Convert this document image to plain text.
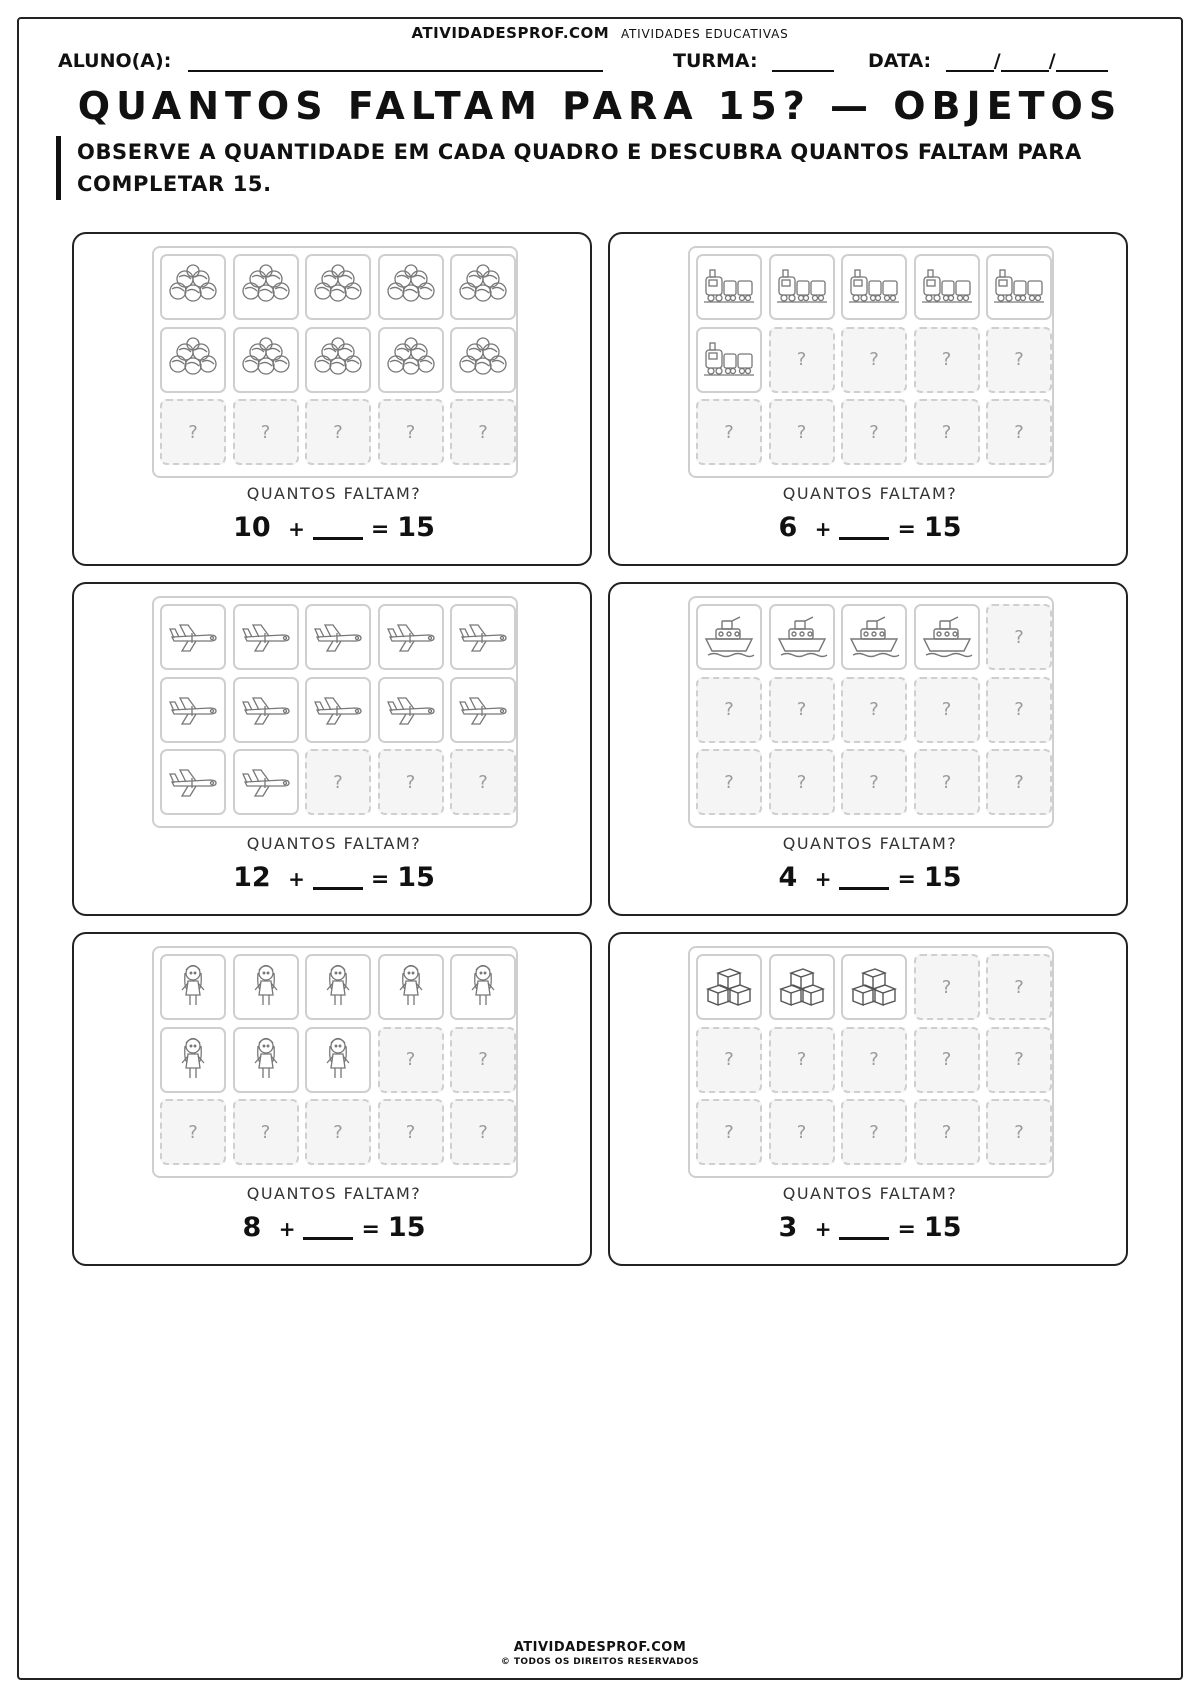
ATIVIDADESPROF.COM ATIVIDADES EDUCATIVAS
ALUNO(A):	TURMA:	DATA:	/	/
QUANTOS FALTAM PARA 15? — OBJETOS
OBSERVE A QUANTIDADE EM CADA QUADRO E DESCUBRA QUANTOS FALTAM PARA COMPLETAR 15.
?	?	?	?	?
QUANTOS FALTAM?
10 +	= 15
?	?	?	?
?	?	?	?	?
QUANTOS FALTAM?
6 +	= 15
?	?	?
QUANTOS FALTAM?
12 +	= 15
?
?	?	?	?	?
?	?	?	?	?
QUANTOS FALTAM?
4 +	= 15
?	?
?	?	?	?	?
QUANTOS FALTAM?
8 +	= 15
?	?
?	?	?	?	?
?	?	?	?	?
QUANTOS FALTAM?
3 +	= 15
ATIVIDADESPROF.COM
© TODOS OS DIREITOS RESERVADOS
